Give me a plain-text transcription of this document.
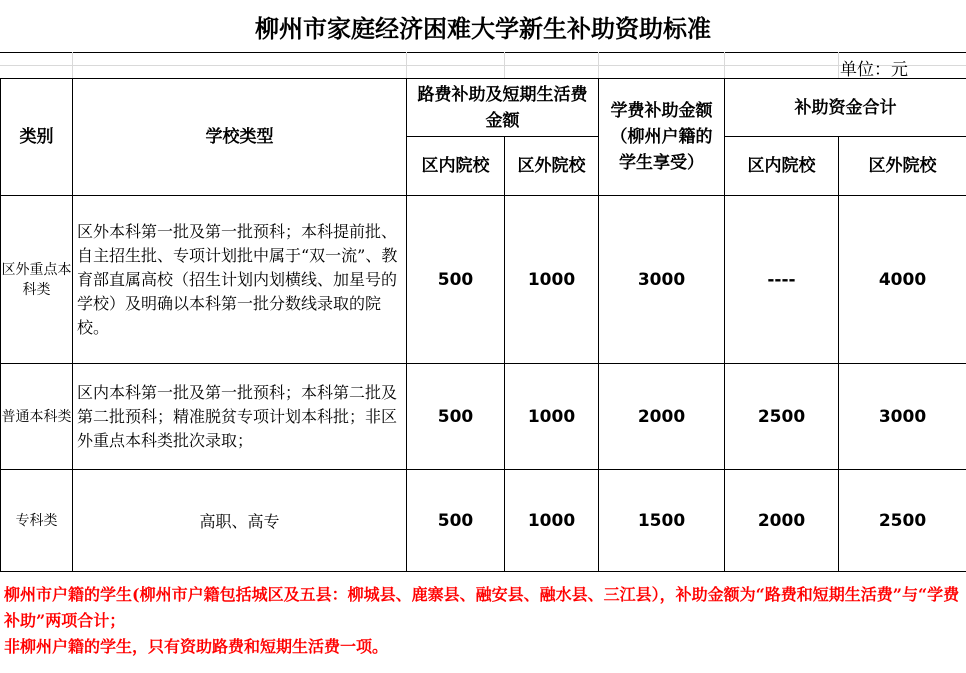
柳州市家庭经济困难大学新生补助资助标准
单位：元
类别	学校类型	路费补助及短期生活费金额		学费补助金额（柳州户籍的学生享受）	补助资金合计	
		区内院校	区外院校		区内院校	区外院校
区外重点本科类	区外本科第一批及第一批预科；本科提前批、自主招生批、专项计划批中属于“双一流”、教育部直属高校（招生计划内划横线、加星号的学校）及明确以本科第一批分数线录取的院校。	500	1000	3000	----	4000
普通本科类	区内本科第一批及第一批预科；本科第二批及第二批预科；精准脱贫专项计划本科批；非区外重点本科类批次录取；	500	1000	2000	2500	3000
专科类	高职、高专	500	1000	1500	2000	2500
柳州市户籍的学生(柳州市户籍包括城区及五县：柳城县、鹿寨县、融安县、融水县、三江县），补助金额为“路费和短期生活费”与“学费补助”两项合计；
非柳州户籍的学生，只有资助路费和短期生活费一项。
